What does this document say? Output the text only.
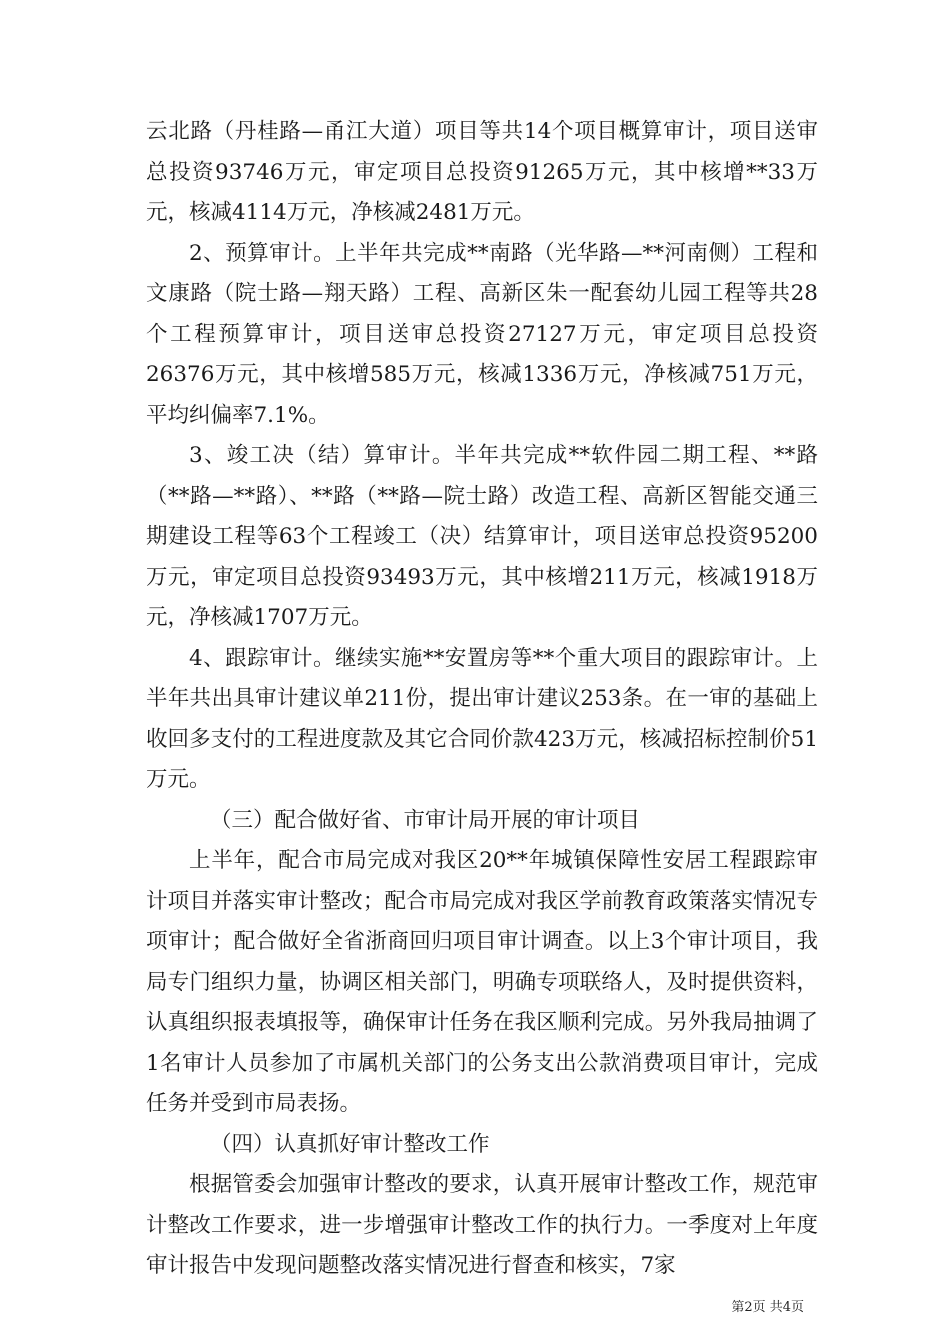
云北路（丹桂路—甬江大道）项目等共14个项目概算审计，项目送审总投资93746万元，审定项目总投资91265万元，其中核增**33万元，核减4114万元，净核减2481万元。

2、预算审计。上半年共完成**南路（光华路—**河南侧）工程和文康路（院士路—翔天路）工程、高新区朱一配套幼儿园工程等共28个工程预算审计，项目送审总投资27127万元，审定项目总投资26376万元，其中核增585万元，核减1336万元，净核减751万元，平均纠偏率7.1%。

3、竣工决（结）算审计。半年共完成**软件园二期工程、**路（**路—**路）、**路（**路—院士路）改造工程、高新区智能交通三期建设工程等63个工程竣工（决）结算审计，项目送审总投资95200万元，审定项目总投资93493万元，其中核增211万元，核减1918万元，净核减1707万元。

4、跟踪审计。继续实施**安置房等**个重大项目的跟踪审计。上半年共出具审计建议单211份，提出审计建议253条。在一审的基础上收回多支付的工程进度款及其它合同价款423万元，核减招标控制价51万元。

（三）配合做好省、市审计局开展的审计项目

上半年，配合市局完成对我区20**年城镇保障性安居工程跟踪审计项目并落实审计整改；配合市局完成对我区学前教育政策落实情况专项审计；配合做好全省浙商回归项目审计调查。以上3个审计项目，我局专门组织力量，协调区相关部门，明确专项联络人，及时提供资料，认真组织报表填报等，确保审计任务在我区顺利完成。另外我局抽调了1名审计人员参加了市属机关部门的公务支出公款消费项目审计，完成任务并受到市局表扬。

（四）认真抓好审计整改工作

根据管委会加强审计整改的要求，认真开展审计整改工作，规范审计整改工作要求，进一步增强审计整改工作的执行力。一季度对上年度审计报告中发现问题整改落实情况进行督查和核实，7家

第2页 共4页
